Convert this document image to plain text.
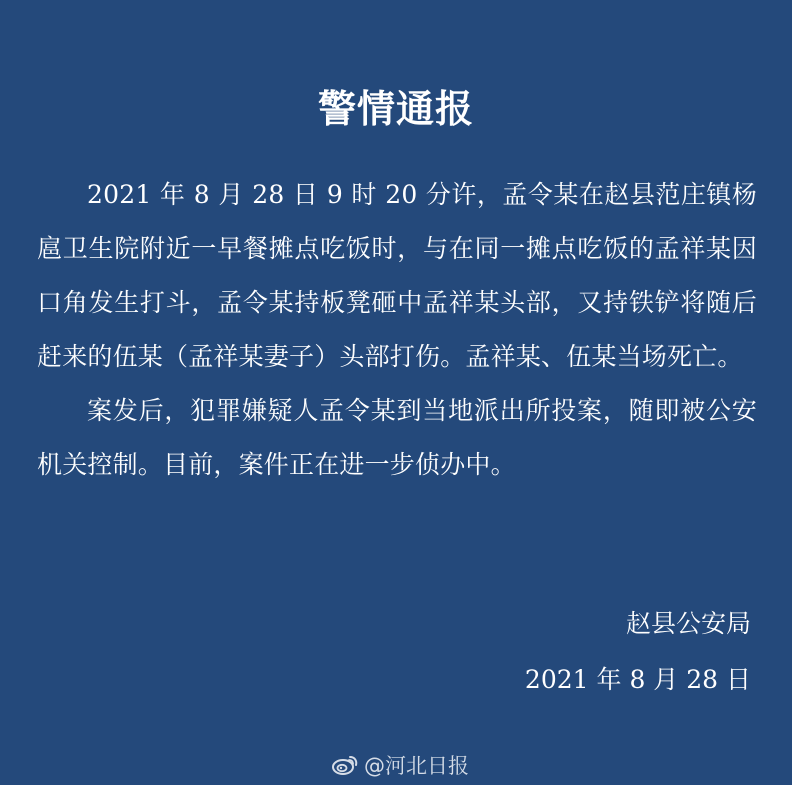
警情通报

2021 年 8 月 28 日 9 时 20 分许，孟令某在赵县范庄镇杨扈卫生院附近一早餐摊点吃饭时，与在同一摊点吃饭的孟祥某因口角发生打斗，孟令某持板凳砸中孟祥某头部，又持铁铲将随后赶来的伍某（孟祥某妻子）头部打伤。孟祥某、伍某当场死亡。

案发后，犯罪嫌疑人孟令某到当地派出所投案，随即被公安机关控制。目前，案件正在进一步侦办中。

赵县公安局
2021 年 8 月 28 日
@河北日报
